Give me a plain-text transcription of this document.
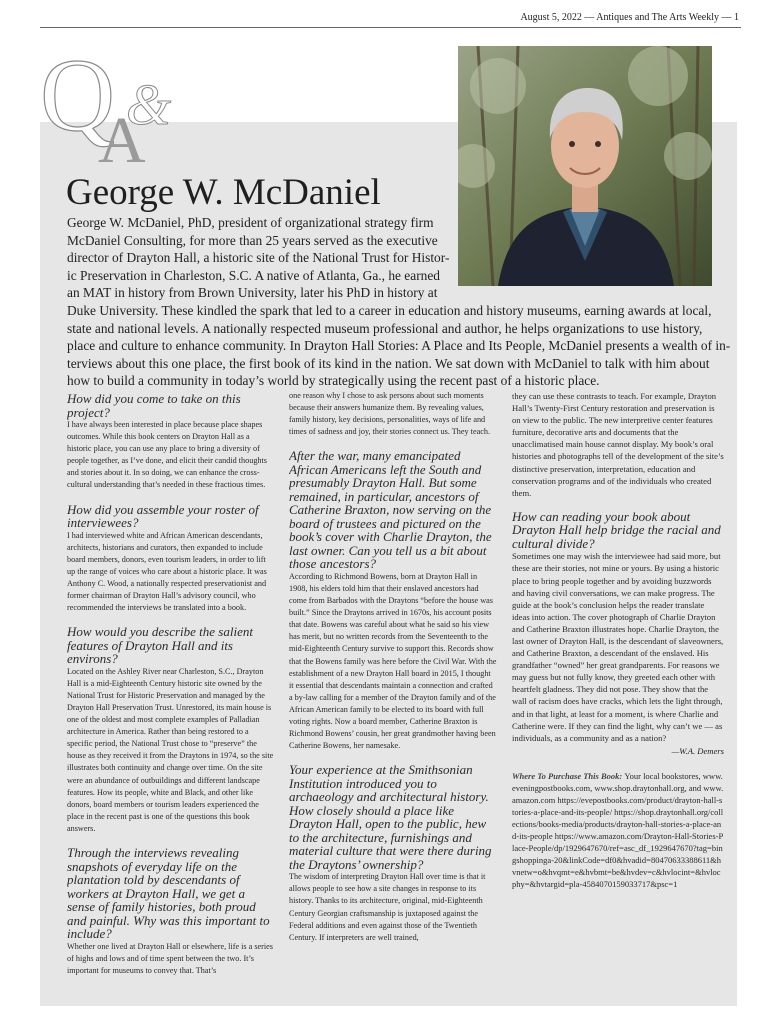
August 5, 2022 — Antiques and The Arts Weekly — 1
Q &
A
George W. McDaniel
George W. McDaniel, PhD, president of organizational strategy firm
McDaniel Consulting, for more than 25 years served as the executive
director of Drayton Hall, a historic site of the National Trust for Histor-
ic Preservation in Charleston, S.C. A native of Atlanta, Ga., he earned
an MAT in history from Brown University, later his PhD in history at
Duke University. These kindled the spark that led to a career in education and history museums, earning awards at local,
state and national levels. A nationally respected museum professional and author, he helps organizations to use history,
place and culture to enhance community. In Drayton Hall Stories: A Place and Its People, McDaniel presents a wealth of in-
terviews about this one place, the first book of its kind in the nation. We sat down with McDaniel to talk with him about
how to build a community in today’s world by strategically using the recent past of a historic place.
How did you come to take on this project?
I have always been interested in place because place shapes outcomes. While this book centers on Drayton Hall as a historic place, you can use any place to bring a diversity of people together, as I’ve done, and elicit their candid thoughts and stories about it. In so doing, we can enhance the cross-cultural understanding that’s needed in these fractious times.
How did you assemble your roster of interviewees?
I had interviewed white and African American descendants, architects, historians and curators, then expanded to include board members, donors, even tourism leaders, in order to lift up the range of voices who care about a historic place. It was Anthony C. Wood, a nationally respected preservationist and former chairman of Drayton Hall’s advisory council, who recommended the interviews be translated into a book.
How would you describe the salient features of Drayton Hall and its environs?
Located on the Ashley River near Charleston, S.C., Drayton Hall is a mid-Eighteenth Century historic site owned by the National Trust for Historic Preservation and managed by the Drayton Hall Preservation Trust. Unrestored, its main house is one of the oldest and most complete examples of Palladian architecture in America. Rather than being restored to a specific period, the National Trust chose to “preserve” the house as they received it from the Draytons in 1974, so the site illustrates both continuity and change over time. On the site were an abundance of outbuildings and different landscape features. How its people, white and Black, and other like donors, board members or tourism leaders experienced the place in the recent past is one of the questions this book answers.
Through the interviews revealing snapshots of everyday life on the plantation told by descendants of workers at Drayton Hall, we get a sense of family histories, both proud and painful. Why was this important to include?
Whether one lived at Drayton Hall or elsewhere, life is a series of highs and lows and of time spent between the two. It’s important for museums to convey that. That’s
one reason why I chose to ask persons about such moments because their answers humanize them. By revealing values, family history, key decisions, personalities, ways of life and times of sadness and joy, their stories connect us. They teach.
After the war, many emancipated African Americans left the South and presumably Drayton Hall. But some remained, in particular, ancestors of Catherine Braxton, now serving on the board of trustees and pictured on the book’s cover with Charlie Drayton, the last owner. Can you tell us a bit about those ancestors?
According to Richmond Bowens, born at Drayton Hall in 1908, his elders told him that their enslaved ancestors had come from Barbados with the Draytons “before the house was built.” Since the Draytons arrived in 1670s, his account posits that date. Bowens was careful about what he said so his view has merit, but no written records from the Seventeenth to the mid-Eighteenth Century survive to support this. Records show that the Bowens family was here before the Civil War. With the establishment of a new Drayton Hall board in 2015, I thought it essential that descendants maintain a connection and crafted a by-law calling for a member of the Drayton family and of the African American family to be elected to its board with full voting rights. Now a board member, Catherine Braxton is Richmond Bowens’ cousin, her great grandmother having been Catherine Bowens, her namesake.
Your experience at the Smithsonian Institution introduced you to archaeology and architectural history. How closely should a place like Drayton Hall, open to the public, hew to the architecture, furnishings and material culture that were there during the Draytons’ ownership?
The wisdom of interpreting Drayton Hall over time is that it allows people to see how a site changes in response to its history. Thanks to its architecture, original, mid-Eighteenth Century Georgian craftsmanship is juxtaposed against the Federal additions and even against those of the Twentieth Century. If interpreters are well trained,
they can use these contrasts to teach. For example, Drayton Hall’s Twenty-First Century restoration and preservation is on view to the public. The new interpretive center features furniture, decorative arts and documents that the unacclimatised main house cannot display. My book’s oral histories and photographs tell of the development of the site’s distinctive preservation, interpretation, education and conservation programs and of the individuals who created them.
How can reading your book about Drayton Hall help bridge the racial and cultural divide?
Sometimes one may wish the interviewee had said more, but these are their stories, not mine or yours. By using a historic place to bring people together and by avoiding buzzwords and having civil conversations, we can make progress. The guide at the book’s conclusion helps the reader translate ideas into action. The cover photograph of Charlie Drayton and Catherine Braxton illustrates hope. Charlie Drayton, the last owner of Drayton Hall, is the descendant of slaveowners, and Catherine Braxton, a descendant of the enslaved. His grandfather “owned” her great grandparents. For reasons we may guess but not fully know, they greeted each other with heartfelt gladness. They did not pose. They show that the wall of racism does have cracks, which lets the light through, and in that light, at least for a moment, is where Charlie and Catherine were. If they can find the light, why can’t we — as individuals, as a community and as a nation?
—W.A. Demers
Where To Purchase This Book: Your local bookstores, www.eveningpostbooks.com, www.shop.draytonhall.org, and www.amazon.com https://evepostbooks.com/product/drayton-hall-stories-a-place-and-its-people/ https://shop.draytonhall.org/collections/books-media/products/drayton-hall-stories-a-place-and-its-people https://www.amazon.com/Drayton-Hall-Stories-Place-People/dp/1929647670/ref=asc_df_1929647670?tag=bingshoppinga-20&linkCode=df0&hvadid=80470633388611&hvnetw=o&hvqmt=e&hvbmt=be&hvdev=c&hvlocint=&hvlocphy=&hvtargid=pla-4584070159033717&psc=1
